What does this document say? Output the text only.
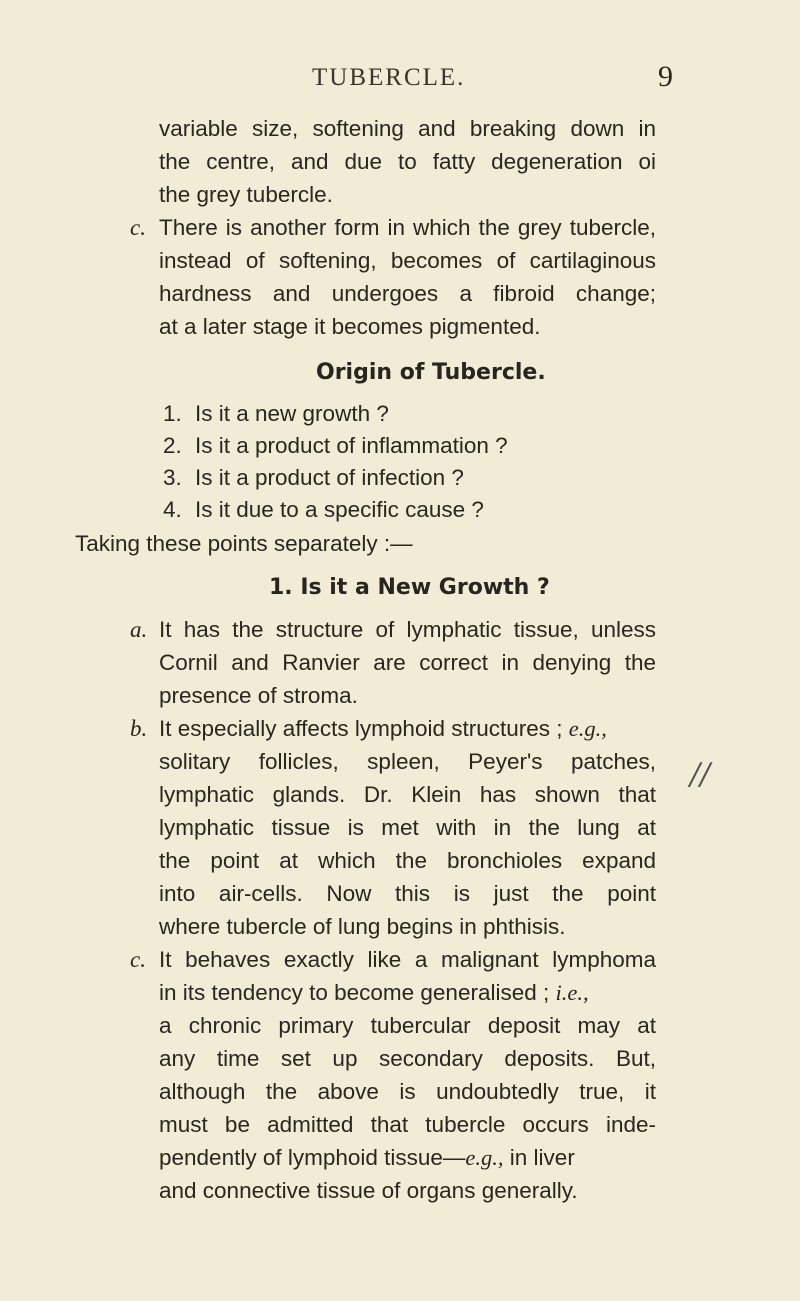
TUBERCLE.	9
variable size, softening and breaking down in
the centre, and due to fatty degeneration oi
the grey tubercle.
c. There is another form in which the grey tubercle,
instead of softening, becomes of cartilaginous
hardness and undergoes a fibroid change;
at a later stage it becomes pigmented.
Origin of Tubercle.
1. Is it a new growth ?
2. Is it a product of inflammation ?
3. Is it a product of infection ?
4. Is it due to a specific cause ?
Taking these points separately :—
1. Is it a New Growth ?
a. It has the structure of lymphatic tissue, unless
Cornil and Ranvier are correct in denying the
presence of stroma.
b. It especially affects lymphoid structures ; e.g.,
solitary follicles, spleen, Peyer's patches,
lymphatic glands. Dr. Klein has shown that
lymphatic tissue is met with in the lung at
the point at which the bronchioles expand
into air-cells. Now this is just the point
where tubercle of lung begins in phthisis.
c. It behaves exactly like a malignant lymphoma
in its tendency to become generalised ; i.e.,
a chronic primary tubercular deposit may at
any time set up secondary deposits. But,
although the above is undoubtedly true, it
must be admitted that tubercle occurs inde-
pendently of lymphoid tissue—e.g., in liver
and connective tissue of organs generally.
//
